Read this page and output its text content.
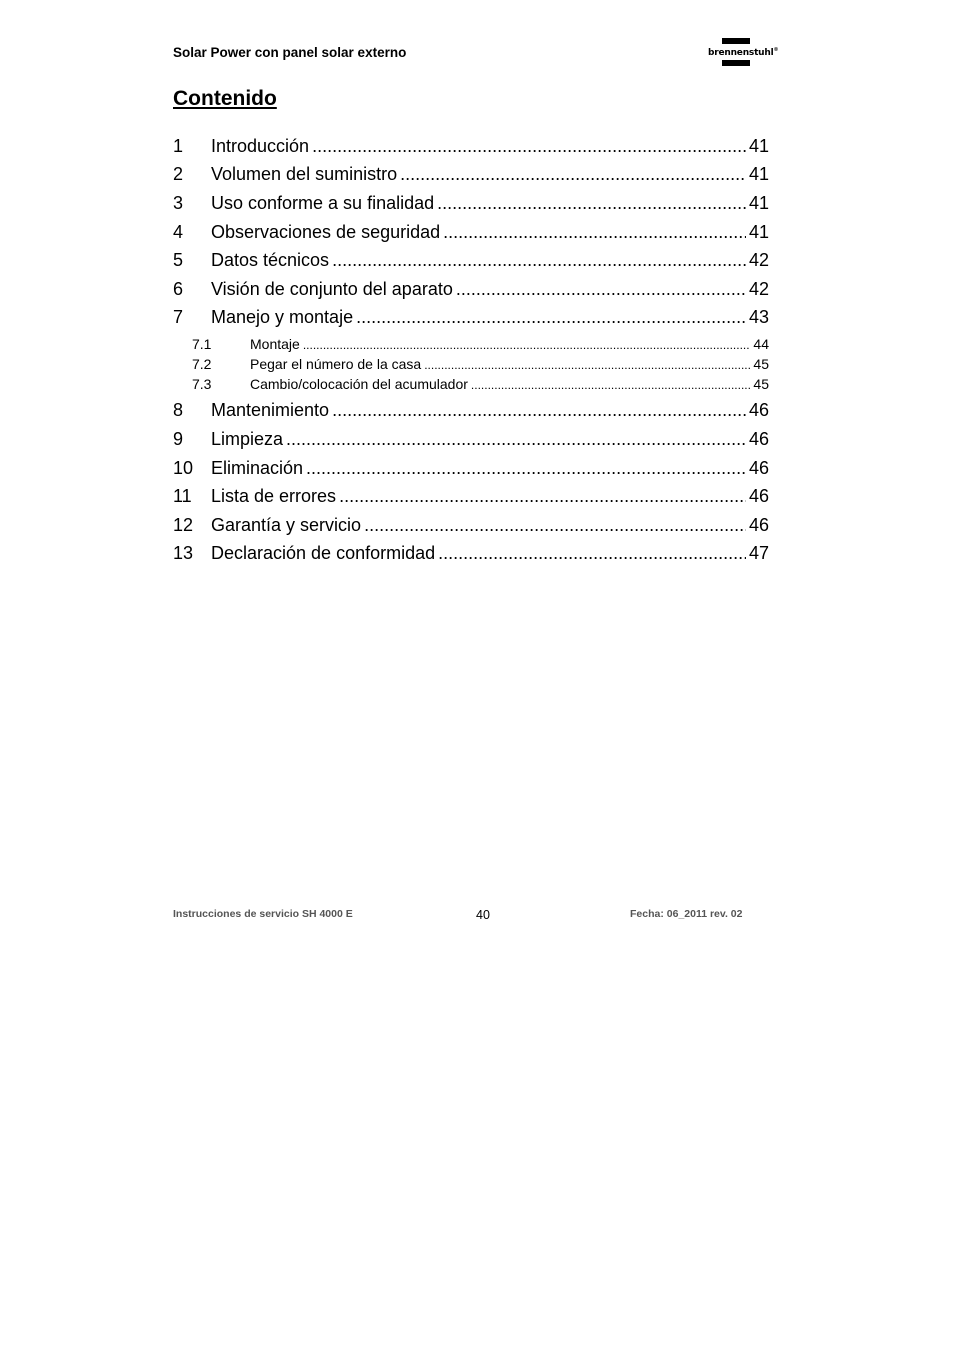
Solar Power con panel solar externo	brennenstuhl®
Contenido
1	Introducción .....	41
2	Volumen del suministro .....	41
3	Uso conforme a su finalidad .....	41
4	Observaciones de seguridad .....	41
5	Datos técnicos .....	42
6	Visión de conjunto del aparato .....	42
7	Manejo y montaje .....	43
7.1	Montaje .....	44
7.2	Pegar el número de la casa .....	45
7.3	Cambio/colocación del acumulador .....	45
8	Mantenimiento .....	46
9	Limpieza .....	46
10 Eliminación .....	46
11	Lista de errores .....	46
12 Garantía y servicio .....	46
13 Declaración de conformidad .....	47
Instrucciones de servicio SH 4000 E	40	Fecha: 06_2011 rev. 02
